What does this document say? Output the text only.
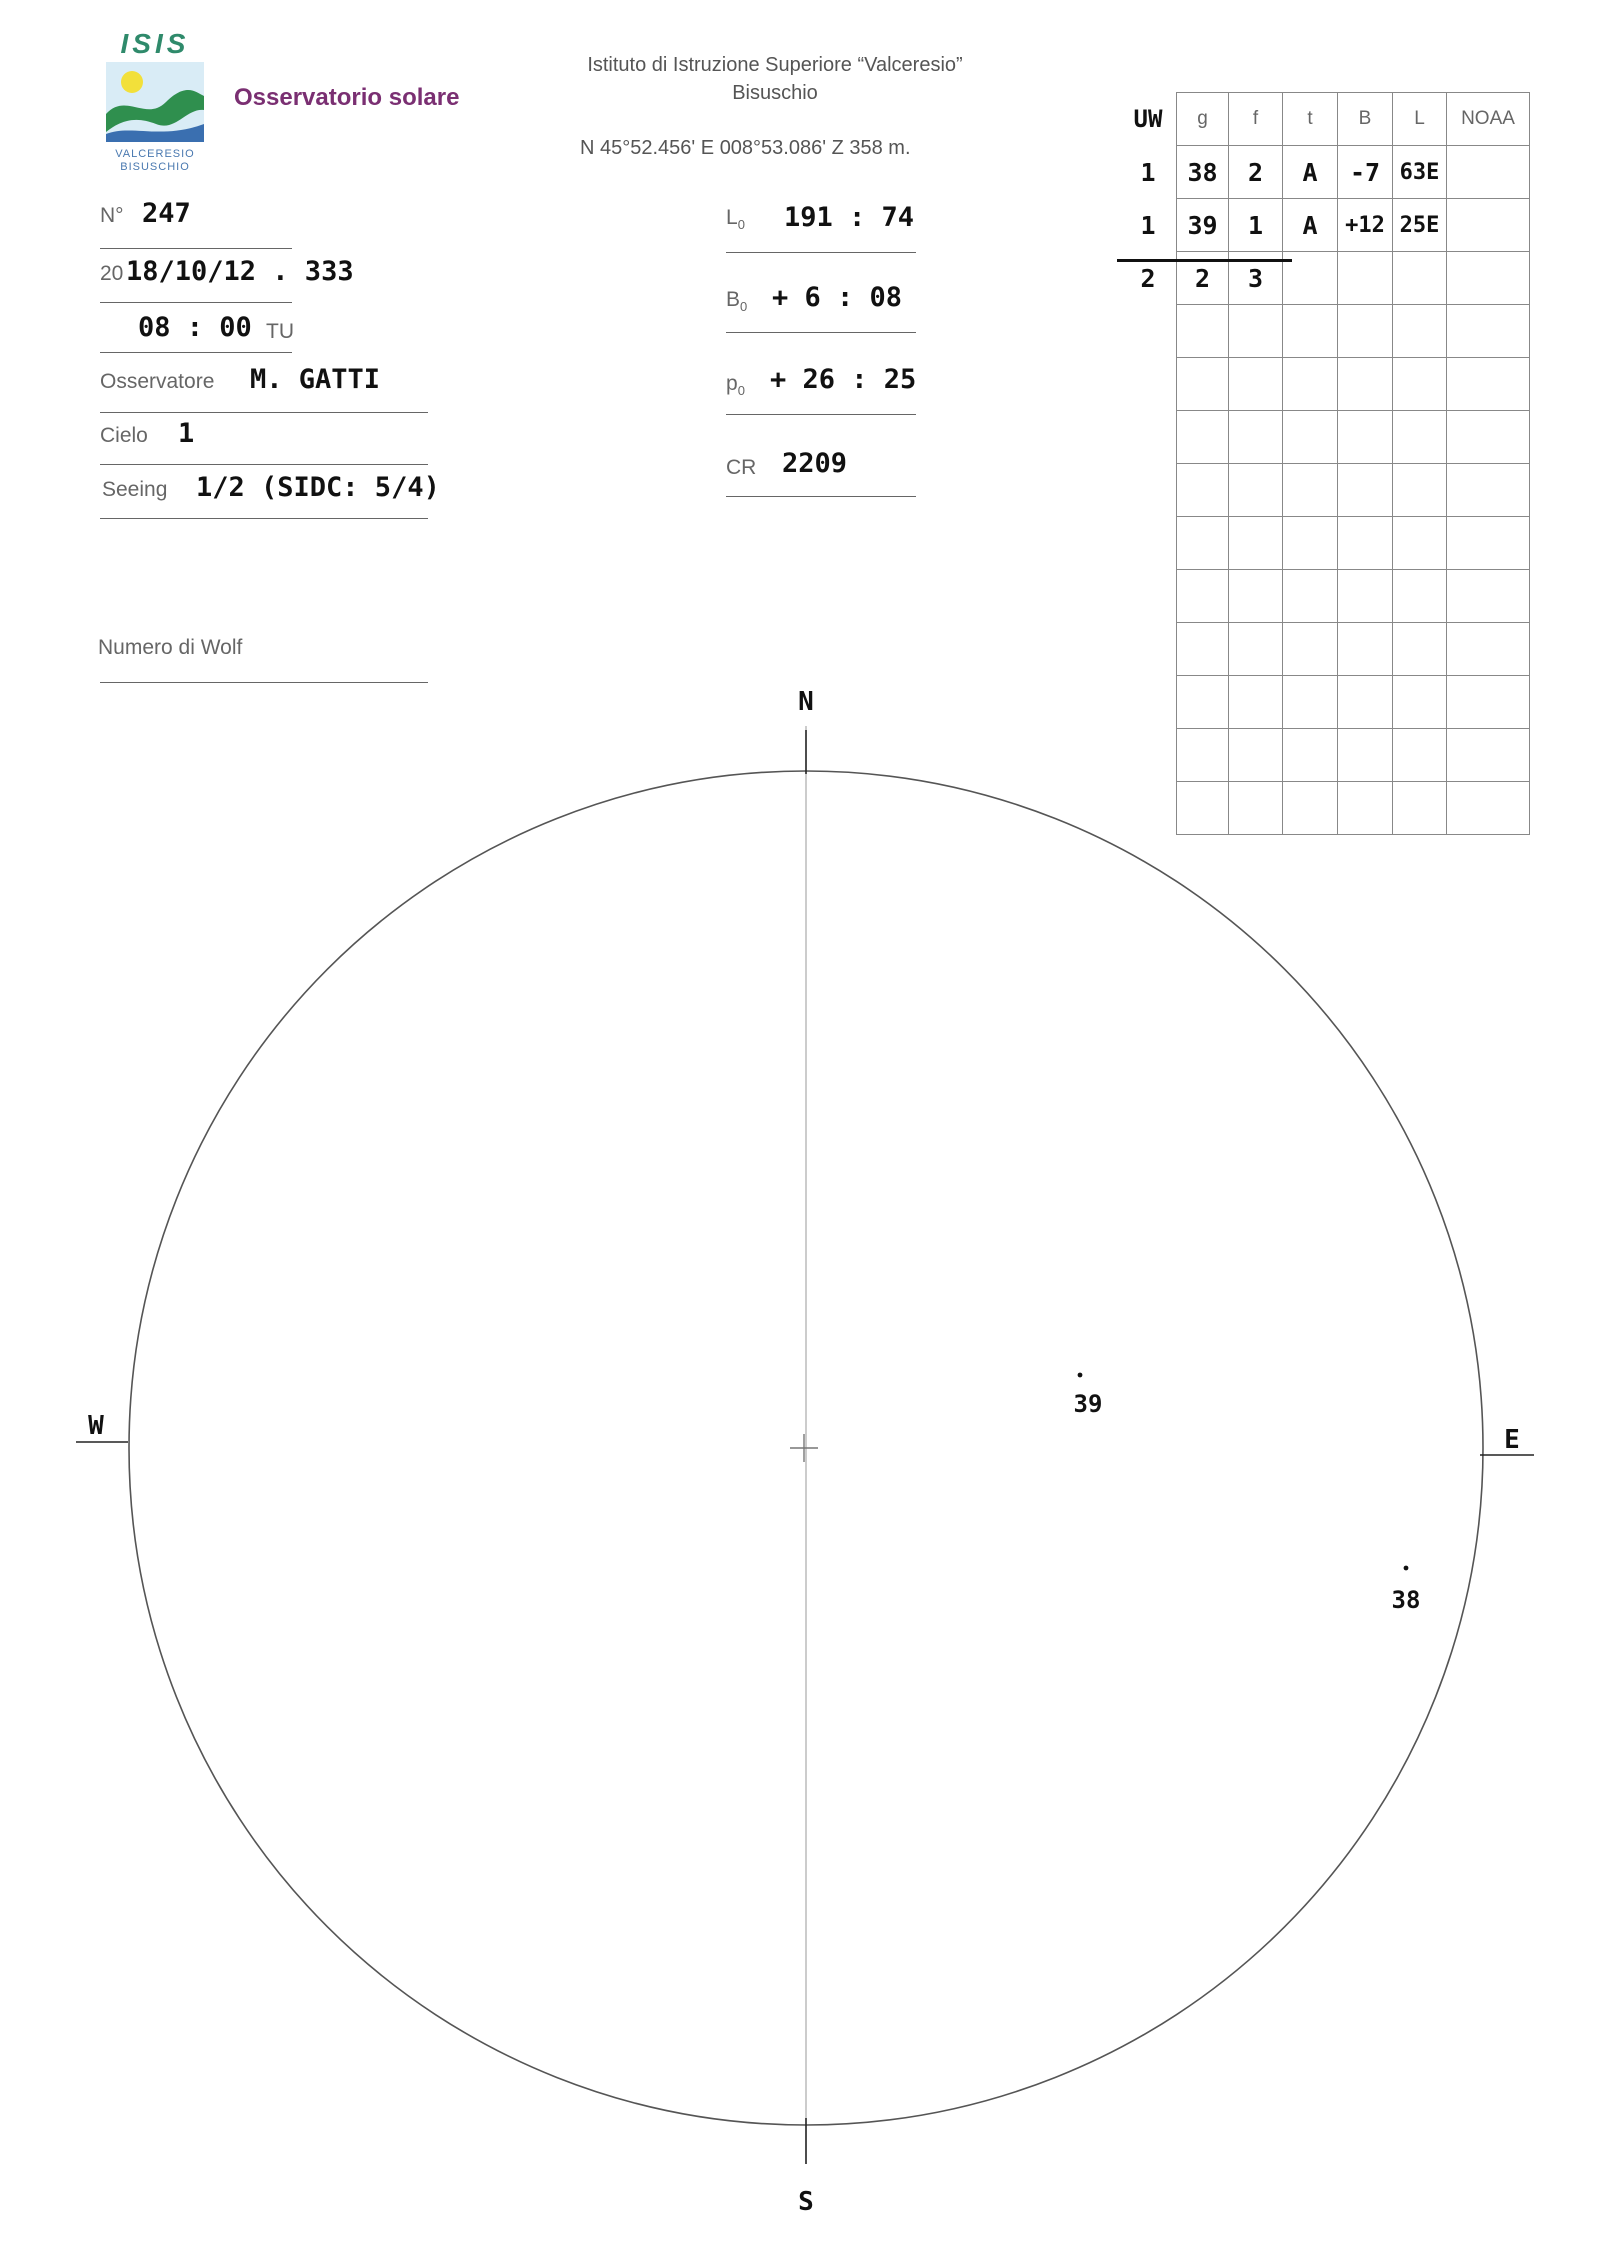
ISIS
VALCERESIO
BISUSCHIO
Osservatorio solare
Istituto di Istruzione Superiore “Valceresio”
Bisuschio
N 45°52.456' E 008°53.086' Z 358 m.
N° 247
20 18/10/12 . 333
08 : 00 TU
Osservatore M. GATTI
Cielo 1
Seeing 1/2 (SIDC: 5/4)
Numero di Wolf
$L_0$ 191 : 74
$B_0 + 6$ : 08
$p_0 + 26$ : 25
CR 2209
UW	g	f	t	B	L	NOAA
1	38	2	A	-7	63E	
1	39	1	A	+12	25E	
2	2	3				

N
S
W	E
39
38
